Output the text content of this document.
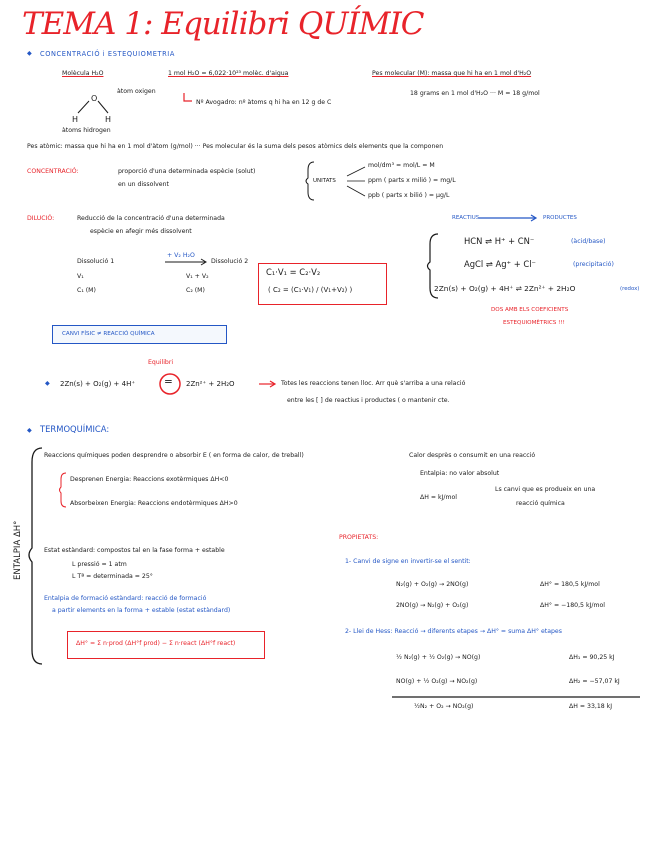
TEMA 1: Equilibri QUÍMIC
O
H	H
◆ CONCENTRACIÓ i ESTEQUIOMETRIA
Molècula H₂O
àtom oxigen
àtoms hidrogen
1 mol H₂O = 6,022·10²³ molèc. d'aigua
Nº Avogadro: nº àtoms q hi ha en 12 g de C
Pes molecular (M): massa que hi ha en 1 mol d'H₂O
18 grams en 1 mol d'H₂O ··· M = 18 g/mol
Pes atòmic: massa que hi ha en 1 mol d'àtom (g/mol) ··· Pes molecular és la suma dels pesos atòmics dels elements que la componen
CONCENTRACIÓ:	proporció d'una determinada espècie (solut)
en un dissolvent	UNITATS
mol/dm³ = mol/L = M
ppm ( parts x milió ) = mg/L
ppb ( parts x bilió ) = μg/L
DILUCIÓ:	Reducció de la concentració d'una determinada
espècie en afegir més dissolvent
Dissolució 1
+ V₂ H₂O
Dissolució 2
V₁
C₁ (M)
V₁ + V₂
C₂ (M)
C₁·V₁ = C₂·V₂
( C₂ = (C₁·V₁) / (V₁+V₂) )
REACTIUS	PRODUCTES
HCN ⇌ H⁺ + CN⁻	(àcid/base)
AgCl ⇌ Ag⁺ + Cl⁻	(precipitació)
2Zn(s) + O₂(g) + 4H⁺ ⇌ 2Zn²⁺ + 2H₂O	(redox)
DOS AMB ELS COEFICIENTS
ESTEQUIOMÈTRICS !!!
CANVI FÍSIC ≠ REACCIÓ QUÍMICA
Equilibri
◆ 2Zn(s) + O₂(g) + 4H⁺	= 2Zn²⁺ + 2H₂O	Totes les reaccions tenen lloc. Arr què s'arriba a una relació
entre les [ ] de reactius i productes ( o mantenir cte.
◆ TERMOQUÍMICA:
ENTALPIA ΔH°
Reaccions químiques poden desprendre o absorbir E ( en forma de calor, de treball)
Desprenen Energia: Reaccions exotèrmiques ΔH<0
Absorbeixen Energia: Reaccions endotèrmiques ΔH>0
Calor desprès o consumit en una reacció
Entalpia: no valor absolut
Ls canvi que es produeix en una
reacció química
ΔH = kJ/mol
Estat estàndard: compostos tal en la fase forma + estable
L pressió = 1 atm
L Tª = determinada = 25°
Entalpia de formació estàndard: reacció de formació
a partir elements en la forma + estable (estat estàndard)
ΔH° = Σ n·prod (ΔH°f prod) − Σ n·react (ΔH°f react)
PROPIETATS:
1- Canvi de signe en invertir-se el sentit:
N₂(g) + O₂(g) → 2NO(g)	ΔH° = 180,5 kJ/mol
2NO(g) → N₂(g) + O₂(g)	ΔH° = −180,5 kJ/mol
2- Llei de Hess: Reacció → diferents etapes → ΔH° = suma ΔH° etapes
½ N₂(g) + ½ O₂(g) → NO(g)	ΔH₁ = 90,25 kJ
NO(g) + ½ O₂(g) → NO₂(g)	ΔH₂ = −57,07 kJ
½N₂ + O₂ → NO₂(g)	ΔH = 33,18 kJ
